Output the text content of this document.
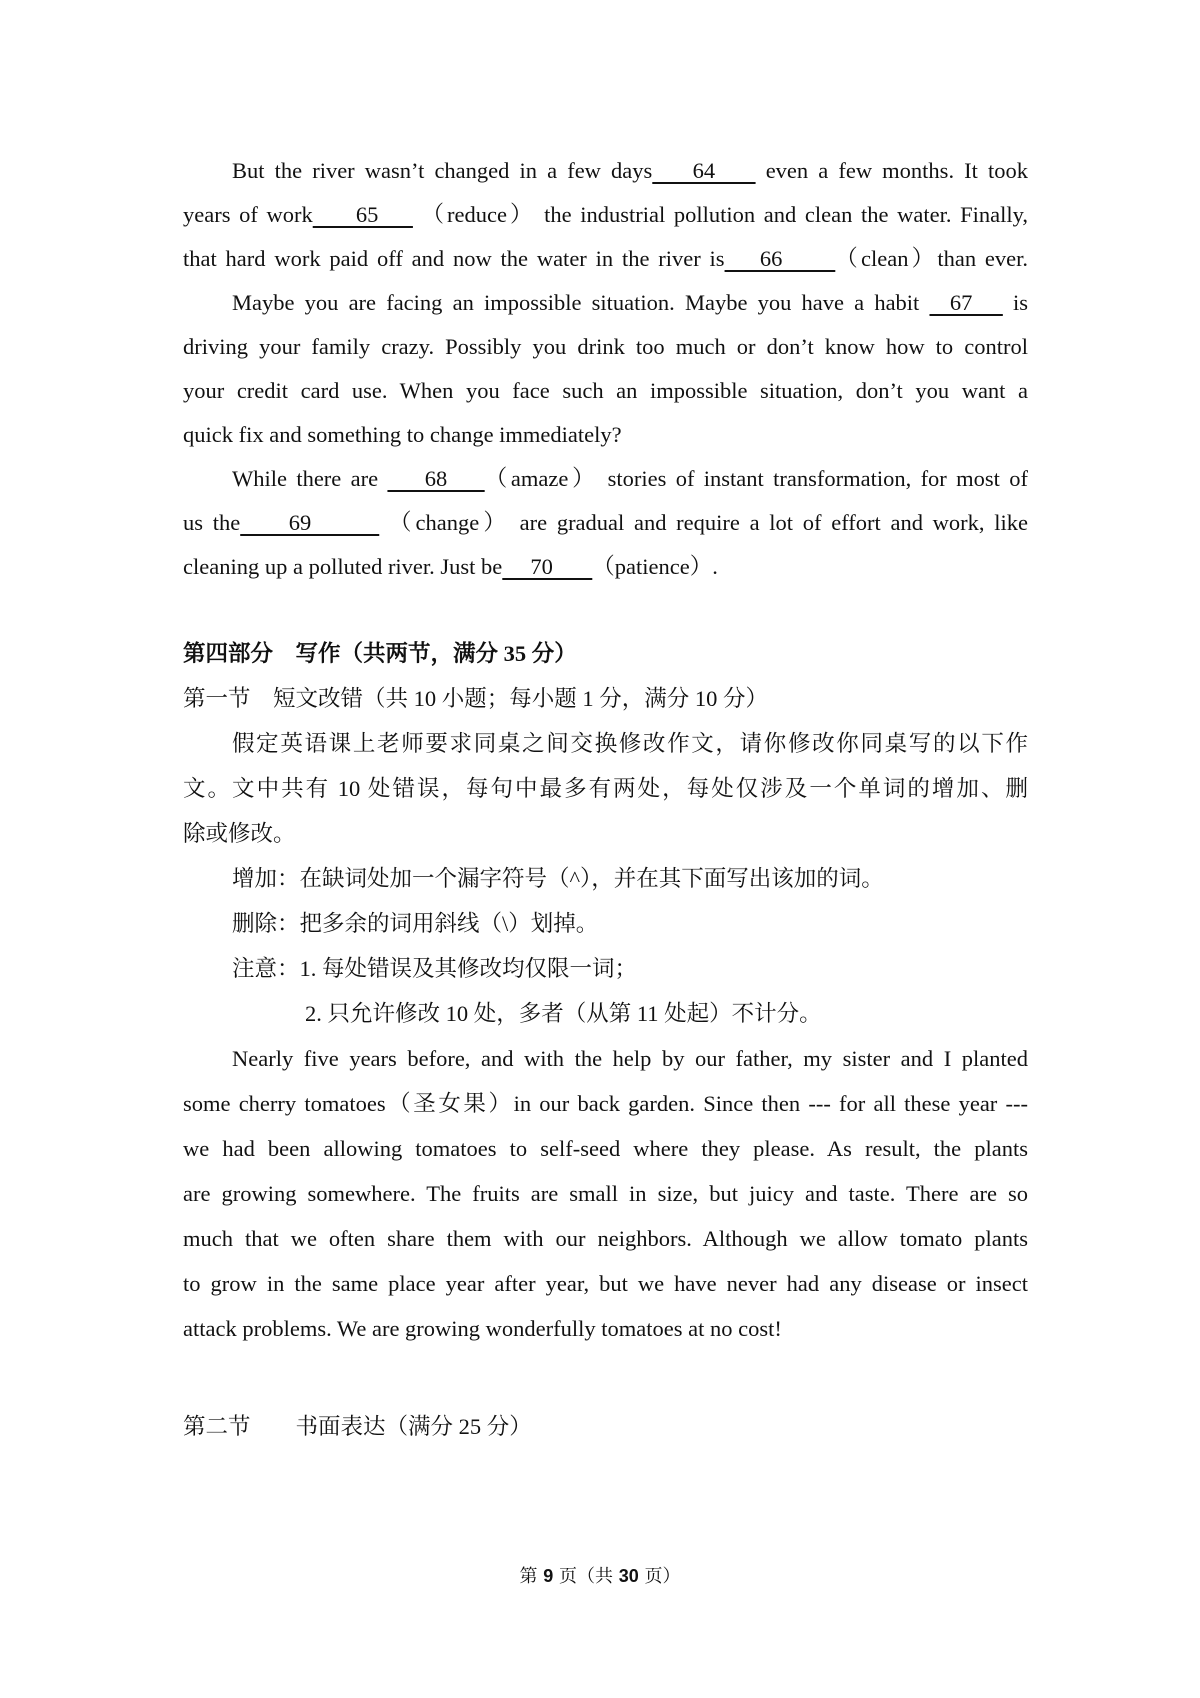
But the river wasn’t changed in a few days    64     even a few months. It took
years of work     65     （reduce） the industrial pollution and clean the water. Finally,
that hard work paid off and now the water in the river is    66      （clean）than ever.
Maybe you are facing an impossible situation. Maybe you have a habit   67    is
driving your family crazy. Possibly you drink too much or don’t know how to control
your credit card use. When you face such an impossible situation, don’t you want a
quick fix and something to change immediately?
While there are     68    （amaze） stories of instant transformation, for most of
us the     69        （change） are gradual and require a lot of effort and work, like
cleaning up a polluted river. Just be     70       （patience）.
第四部分　写作（共两节，满分 35 分）
第一节　短文改错（共 10 小题；每小题 1 分，满分 10 分）
假定英语课上老师要求同桌之间交换修改作文，请你修改你同桌写的以下作
文。文中共有 10 处错误，每句中最多有两处，每处仅涉及一个单词的增加、删
除或修改。
增加：在缺词处加一个漏字符号（^），并在其下面写出该加的词。
删除：把多余的词用斜线（\）划掉。
注意：1. 每处错误及其修改均仅限一词；
2. 只允许修改 10 处，多者（从第 11 处起）不计分。
Nearly five years before, and with the help by our father, my sister and I planted
some cherry tomatoes（圣女果）in our back garden. Since then --- for all these year ---
we had been allowing tomatoes to self-seed where they please. As result, the plants
are growing somewhere. The fruits are small in size, but juicy and taste. There are so
much that we often share them with our neighbors. Although we allow tomato plants
to grow in the same place year after year, but we have never had any disease or insect
attack problems. We are growing wonderfully tomatoes at no cost!
第二节　　书面表达（满分 25 分）
第 9 页（共 30 页）
